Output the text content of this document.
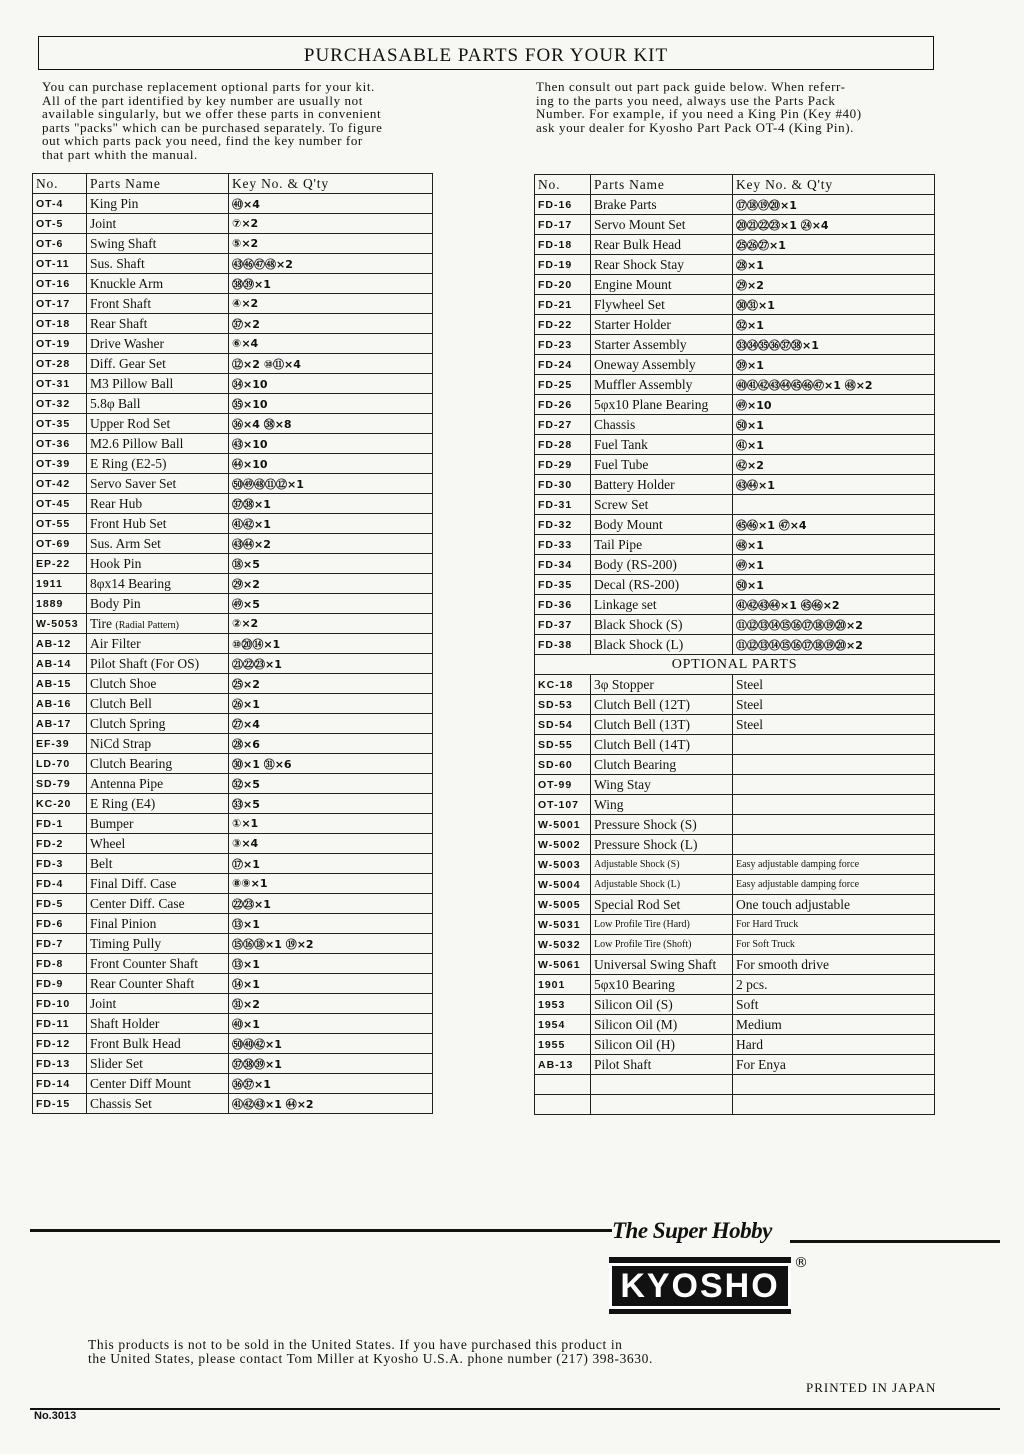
PURCHASABLE PARTS FOR YOUR KIT
You can purchase replacement optional parts for your kit.
All of the part identified by key number are usually not
available singularly, but we offer these parts in convenient
parts "packs" which can be purchased separately. To figure
out which parts pack you need, find the key number for
that part whith the manual.
Then consult out part pack guide below. When referr-
ing to the parts you need, always use the Parts Pack
Number. For example, if you need a King Pin (Key #40)
ask your dealer for Kyosho Part Pack OT-4 (King Pin).
No.	Parts Name	Key No. & Q'ty
OT-4	King Pin	㊵×4
OT-5	Joint	⑦×2
OT-6	Swing Shaft	⑤×2
OT-11	Sus. Shaft	㊸㊻㊼㊽×2
OT-16	Knuckle Arm	㊳㊴×1
OT-17	Front Shaft	④×2
OT-18	Rear Shaft	㊲×2
OT-19	Drive Washer	⑥×4
OT-28	Diff. Gear Set	⑫×2 ⑩⑪×4
OT-31	M3 Pillow Ball	㉞×10
OT-32	5.8φ Ball	㉟×10
OT-35	Upper Rod Set	㊱×4 ㊳×8
OT-36	M2.6 Pillow Ball	㊸×10
OT-39	E Ring (E2-5)	㊹×10
OT-42	Servo Saver Set	㊿㊾㊽⑪⑫×1
OT-45	Rear Hub	㊲㊳×1
OT-55	Front Hub Set	㊶㊷×1
OT-69	Sus. Arm Set	㊸㊹×2
EP-22	Hook Pin	⑱×5
1911	8φx14 Bearing	㉙×2
1889	Body Pin	㊾×5
W-5053	Tire (Radial Pattern)	②×2
AB-12	Air Filter	⑩⑳⑭×1
AB-14	Pilot Shaft (For OS)	㉑㉒㉓×1
AB-15	Clutch Shoe	㉕×2
AB-16	Clutch Bell	㉖×1
AB-17	Clutch Spring	㉗×4
EF-39	NiCd Strap	㉘×6
LD-70	Clutch Bearing	㉚×1 ㉛×6
SD-79	Antenna Pipe	㉜×5
KC-20	E Ring (E4)	㉝×5
FD-1	Bumper	①×1
FD-2	Wheel	③×4
FD-3	Belt	⑰×1
FD-4	Final Diff. Case	⑧⑨×1
FD-5	Center Diff. Case	㉒㉓×1
FD-6	Final Pinion	⑬×1
FD-7	Timing Pully	⑮⑯⑱×1 ⑲×2
FD-8	Front Counter Shaft	⑬×1
FD-9	Rear Counter Shaft	⑭×1
FD-10	Joint	㉛×2
FD-11	Shaft Holder	㊵×1
FD-12	Front Bulk Head	㊿㊵㊷×1
FD-13	Slider Set	㊲㊳㊴×1
FD-14	Center Diff Mount	㊱㊲×1
FD-15	Chassis Set	㊶㊷㊸×1 ㊹×2
No.	Parts Name	Key No. & Q'ty
FD-16	Brake Parts	⑰⑱⑲⑳×1
FD-17	Servo Mount Set	⑳㉑㉒㉓×1 ㉔×4
FD-18	Rear Bulk Head	㉕㉖㉗×1
FD-19	Rear Shock Stay	㉘×1
FD-20	Engine Mount	㉙×2
FD-21	Flywheel Set	㉚㉛×1
FD-22	Starter Holder	㉜×1
FD-23	Starter Assembly	㉝㉞㉟㊱㊲㊳×1
FD-24	Oneway Assembly	㊴×1
FD-25	Muffler Assembly	㊵㊶㊷㊸㊹㊺㊻㊼×1 ㊽×2
FD-26	5φx10 Plane Bearing	㊾×10
FD-27	Chassis	㊿×1
FD-28	Fuel Tank	㊶×1
FD-29	Fuel Tube	㊷×2
FD-30	Battery Holder	㊸㊹×1
FD-31	Screw Set	
FD-32	Body Mount	㊺㊻×1 ㊼×4
FD-33	Tail Pipe	㊽×1
FD-34	Body (RS-200)	㊾×1
FD-35	Decal (RS-200)	㊿×1
FD-36	Linkage set	㊶㊷㊸㊹×1 ㊺㊻×2
FD-37	Black Shock (S)	⑪⑫⑬⑭⑮⑯⑰⑱⑲⑳×2
FD-38	Black Shock (L)	⑪⑫⑬⑭⑮⑯⑰⑱⑲⑳×2
OPTIONAL PARTS		
KC-18	3φ Stopper	Steel
SD-53	Clutch Bell (12T)	Steel
SD-54	Clutch Bell (13T)	Steel
SD-55	Clutch Bell (14T)	
SD-60	Clutch Bearing	
OT-99	Wing Stay	
OT-107	Wing	
W-5001	Pressure Shock (S)	
W-5002	Pressure Shock (L)	
W-5003	Adjustable Shock (S)	Easy adjustable damping force
W-5004	Adjustable Shock (L)	Easy adjustable damping force
W-5005	Special Rod Set	One touch adjustable
W-5031	Low Profile Tire (Hard)	For Hard Truck
W-5032	Low Profile Tire (Shoft)	For Soft Truck
W-5061	Universal Swing Shaft	For smooth drive
1901	5φx10 Bearing	2 pcs.
1953	Silicon Oil (S)	Soft
1954	Silicon Oil (M)	Medium
1955	Silicon Oil (H)	Hard
AB-13	Pilot Shaft	For Enya

The Super Hobby
KYOSHO
®
This products is not to be sold in the United States. If you have purchased this product in
the United States, please contact Tom Miller at Kyosho U.S.A. phone number (217) 398-3630.
PRINTED IN JAPAN
No.3013
